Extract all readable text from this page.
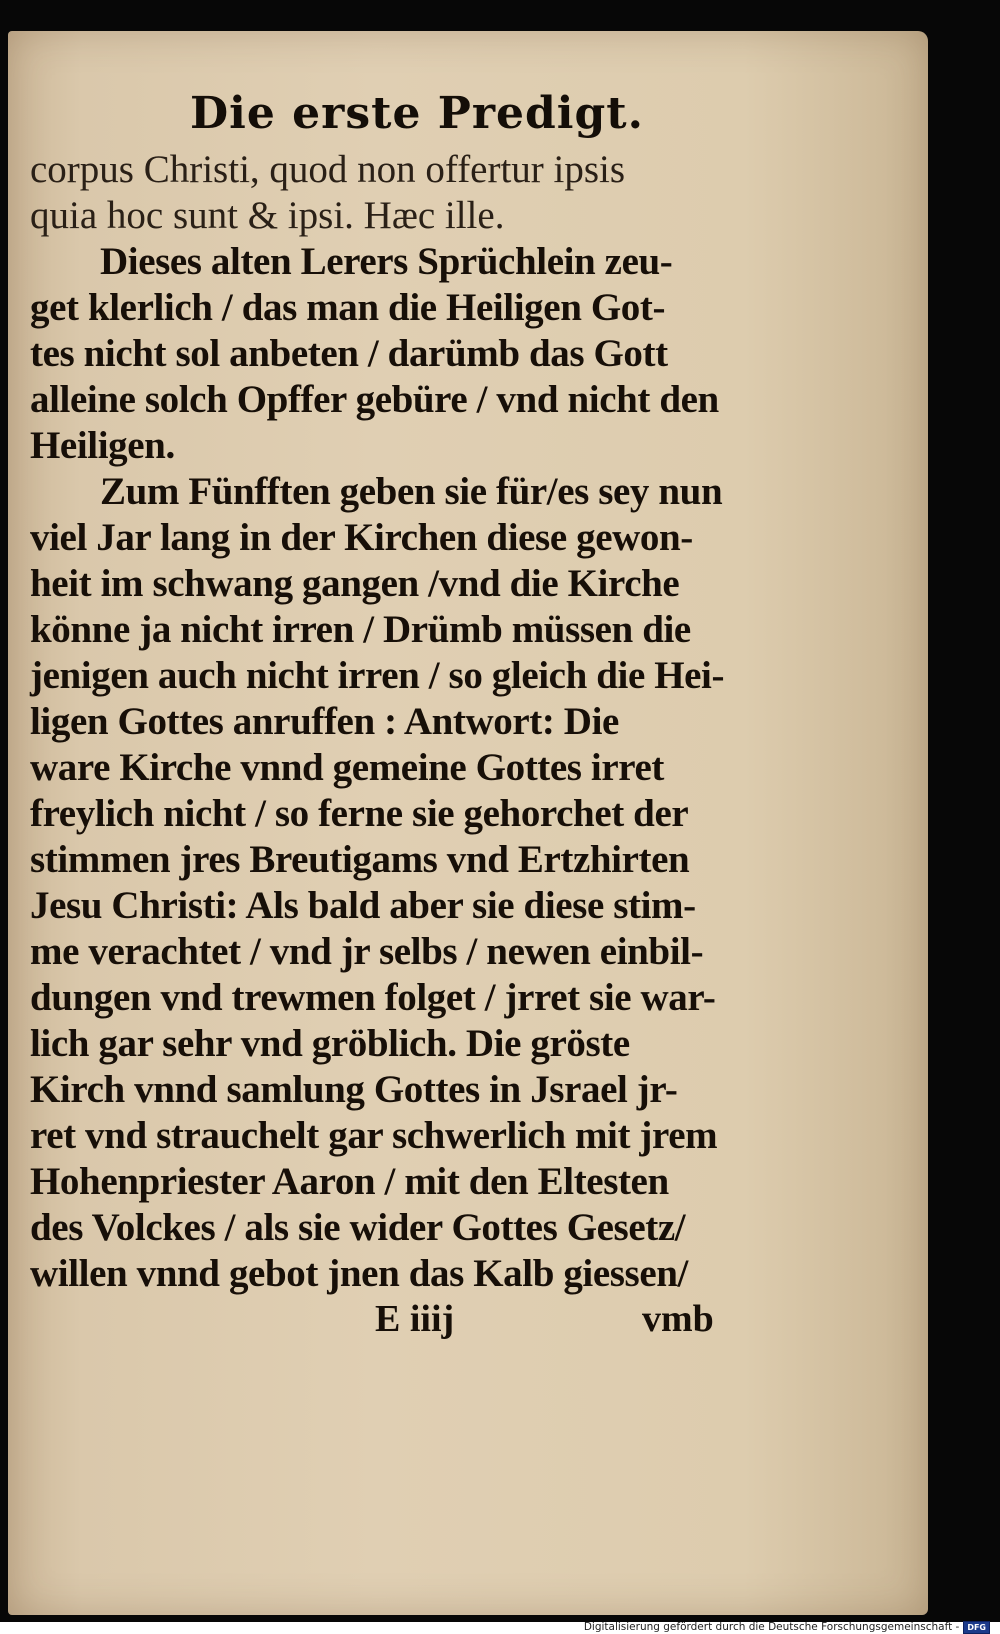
Die erste Predigt.
corpus Christi, quod non offertur ipsis
quia hoc sunt & ipsi. Hæc ille.
Dieses alten Lerers Sprüchlein zeu-
get klerlich / das man die Heiligen Got-
tes nicht sol anbeten / darümb das Gott
alleine solch Opffer gebüre / vnd nicht den
Heiligen.
Zum Fünfften geben sie für/es sey nun
viel Jar lang in der Kirchen diese gewon-
heit im schwang gangen /vnd die Kirche
könne ja nicht irren / Drümb müssen die
jenigen auch nicht irren / so gleich die Hei-
ligen Gottes anruffen : Antwort: Die
ware Kirche vnnd gemeine Gottes irret
freylich nicht / so ferne sie gehorchet der
stimmen jres Breutigams vnd Ertzhirten
Jesu Christi: Als bald aber sie diese stim-
me verachtet / vnd jr selbs / newen einbil-
dungen vnd trewmen folget / jrret sie war-
lich gar sehr vnd gröblich. Die gröste
Kirch vnnd samlung Gottes in Jsrael jr-
ret vnd strauchelt gar schwerlich mit jrem
Hohenpriester Aaron / mit den Eltesten
des Volckes / als sie wider Gottes Gesetz/
willen vnnd gebot jnen das Kalb giessen/
E iiij	vmb
Digitalisierung gefördert durch die Deutsche Forschungsgemeinschaft -	DFG
